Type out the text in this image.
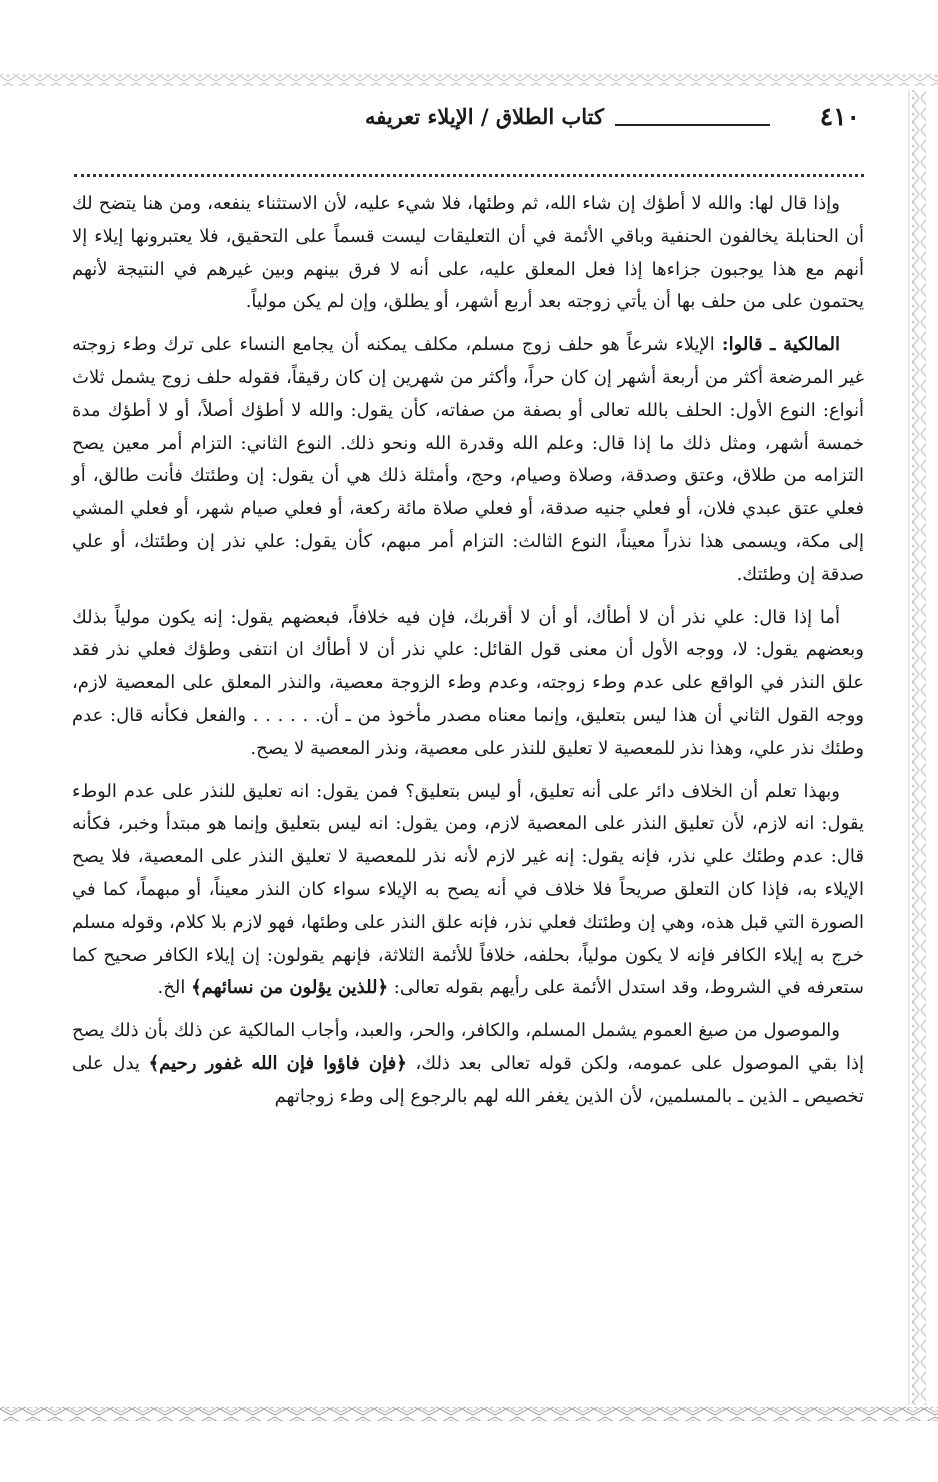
٤١٠
كتاب الطلاق / الإيلاء تعريفه

وإذا قال لها: والله لا أطؤك إن شاء الله، ثم وطئها، فلا شيء عليه، لأن الاستثناء ينفعه، ومن هنا يتضح لك أن الحنابلة يخالفون الحنفية وباقي الأئمة في أن التعليقات ليست قسماً على التحقيق، فلا يعتبرونها إيلاء إلا أنهم مع هذا يوجبون جزاءها إذا فعل المعلق عليه، على أنه لا فرق بينهم وبين غيرهم في النتيجة لأنهم يحتمون على من حلف بها أن يأتي زوجته بعد أربع أشهر، أو يطلق، وإن لم يكن مولياً.

المالكية ـ قالوا: الإيلاء شرعاً هو حلف زوج مسلم، مكلف يمكنه أن يجامع النساء على ترك وطء زوجته غير المرضعة أكثر من أربعة أشهر إن كان حراً، وأكثر من شهرين إن كان رقيقاً، فقوله حلف زوج يشمل ثلاث أنواع: النوع الأول: الحلف بالله تعالى أو بصفة من صفاته، كأن يقول: والله لا أطؤك أصلاً، أو لا أطؤك مدة خمسة أشهر، ومثل ذلك ما إذا قال: وعلم الله وقدرة الله ونحو ذلك. النوع الثاني: التزام أمر معين يصح التزامه من طلاق، وعتق وصدقة، وصلاة وصيام، وحج، وأمثلة ذلك هي أن يقول: إن وطئتك فأنت طالق، أو فعلي عتق عبدي فلان، أو فعلي جنيه صدقة، أو فعلي صلاة مائة ركعة، أو فعلي صيام شهر، أو فعلي المشي إلى مكة، ويسمى هذا نذراً معيناً، النوع الثالث: التزام أمر مبهم، كأن يقول: علي نذر إن وطئتك، أو علي صدقة إن وطئتك.

أما إذا قال: علي نذر أن لا أطأك، أو أن لا أقربك، فإن فيه خلافاً، فبعضهم يقول: إنه يكون مولياً بذلك وبعضهم يقول: لا، ووجه الأول أن معنى قول القائل: علي نذر أن لا أطأك ان انتفى وطؤك فعلي نذر فقد علق النذر في الواقع على عدم وطء زوجته، وعدم وطء الزوجة معصية، والنذر المعلق على المعصية لازم، ووجه القول الثاني أن هذا ليس بتعليق، وإنما معناه مصدر مأخوذ من ـ أن. . . . . . والفعل فكأنه قال: عدم وطئك نذر علي، وهذا نذر للمعصية لا تعليق للنذر على معصية، ونذر المعصية لا يصح.

وبهذا تعلم أن الخلاف دائر على أنه تعليق، أو ليس بتعليق؟ فمن يقول: انه تعليق للنذر على عدم الوطء يقول: انه لازم، لأن تعليق النذر على المعصية لازم، ومن يقول: انه ليس بتعليق وإنما هو مبتدأ وخبر، فكأنه قال: عدم وطئك علي نذر، فإنه يقول: إنه غير لازم لأنه نذر للمعصية لا تعليق النذر على المعصية، فلا يصح الإيلاء به، فإذا كان التعلق صريحاً فلا خلاف في أنه يصح به الإيلاء سواء كان النذر معيناً، أو مبهماً، كما في الصورة التي قبل هذه، وهي إن وطئتك فعلي نذر، فإنه علق النذر على وطئها، فهو لازم بلا كلام، وقوله مسلم خرج به إيلاء الكافر فإنه لا يكون مولياً، بحلفه، خلافاً للأئمة الثلاثة، فإنهم يقولون: إن إيلاء الكافر صحيح كما ستعرفه في الشروط، وقد استدل الأئمة على رأيهم بقوله تعالى: ﴿للذين يؤلون من نسائهم﴾ الخ.

والموصول من صيغ العموم يشمل المسلم، والكافر، والحر، والعبد، وأجاب المالكية عن ذلك بأن ذلك يصح إذا بقي الموصول على عمومه، ولكن قوله تعالى بعد ذلك، ﴿فإن فاؤوا فإن الله غفور رحيم﴾ يدل على تخصيص ـ الذين ـ بالمسلمين، لأن الذين يغفر الله لهم بالرجوع إلى وطء زوجاتهم
